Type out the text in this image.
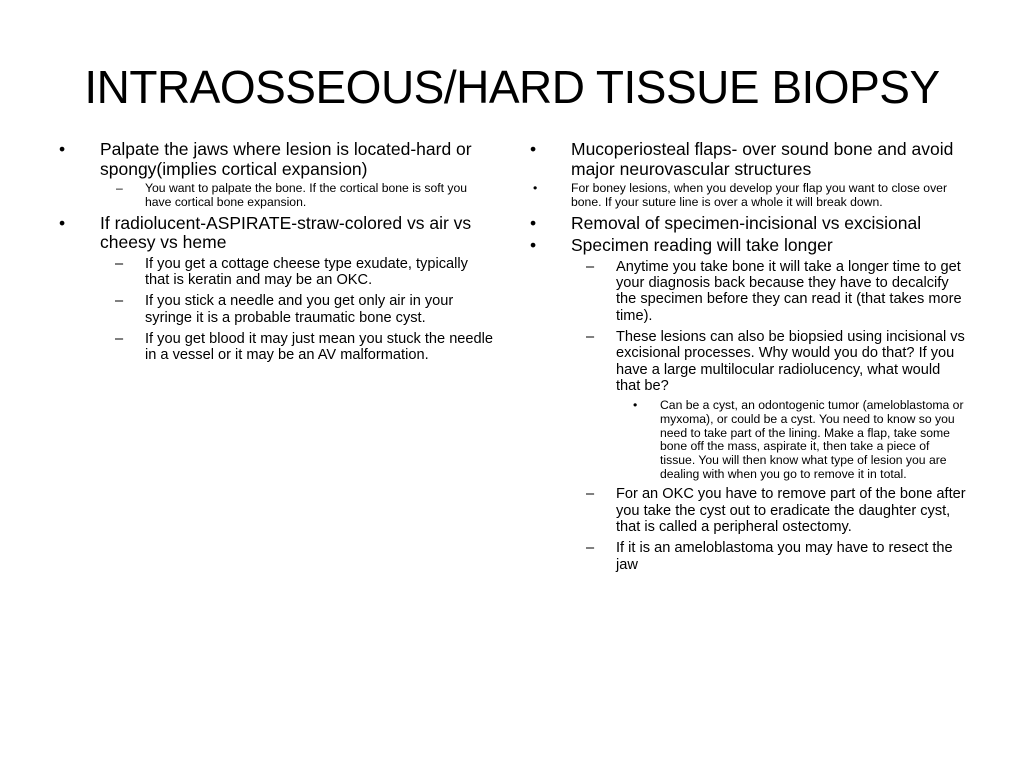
INTRAOSSEOUS/HARD TISSUE BIOPSY
• Palpate the jaws where lesion is located-hard or spongy(implies cortical expansion)
– You want to palpate the bone. If the cortical bone is soft you have cortical bone expansion.
• If radiolucent-ASPIRATE-straw-colored vs air vs cheesy vs heme
– If you get a cottage cheese type exudate, typically that is keratin and may be an OKC.
– If you stick a needle and you get only air in your syringe it is a probable traumatic bone cyst.
– If you get blood it may just mean you stuck the needle in a vessel or it may be an AV malformation.
• Mucoperiosteal flaps- over sound bone and avoid major neurovascular structures
•	For boney lesions, when you develop your flap you want to close over bone. If your suture line is over a whole it will break down.
• Removal of specimen-incisional vs excisional
• Specimen reading will take longer
– Anytime you take bone it will take a longer time to get your diagnosis back because they have to decalcify the specimen before they can read it (that takes more time).
– These lesions can also be biopsied using incisional vs excisional processes. Why would you do that? If you have a large multilocular radiolucency, what would that be?
• Can be a cyst, an odontogenic tumor (ameloblastoma or myxoma), or could be a cyst. You need to know so you need to take part of the lining. Make a flap, take some bone off the mass, aspirate it, then take a piece of tissue. You will then know what type of lesion you are dealing with when you go to remove it in total.
– For an OKC you have to remove part of the bone after you take the cyst out to eradicate the daughter cyst, that is called a peripheral ostectomy.
– If it is an ameloblastoma you may have to resect the jaw
